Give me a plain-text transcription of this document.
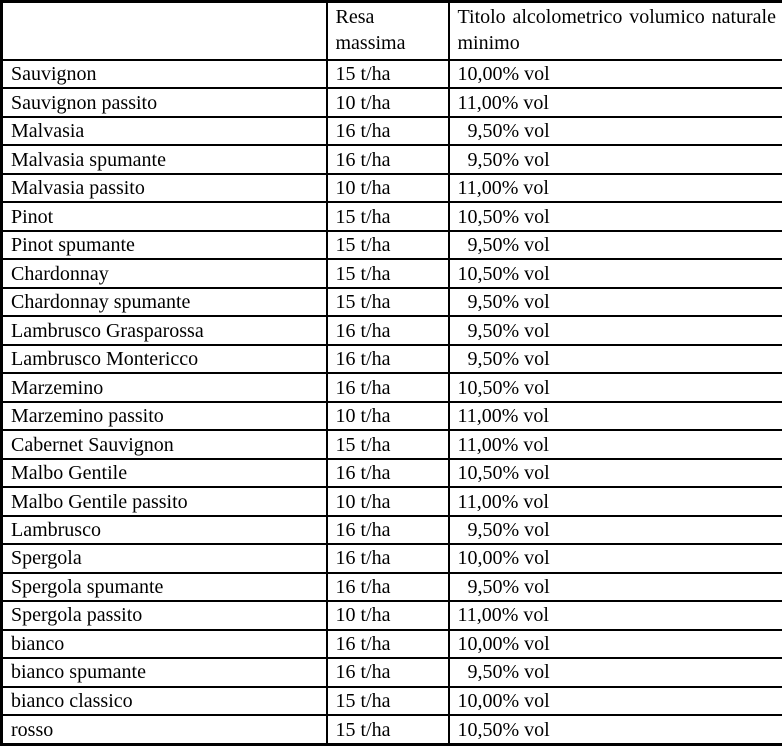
	Resa massima	Titolo alcolometrico volumico naturale minimo
Sauvignon	15 t/ha	10,00% vol
Sauvignon passito	10 t/ha	11,00% vol
Malvasia	16 t/ha	 9,50% vol
Malvasia spumante	16 t/ha	 9,50% vol
Malvasia passito	10 t/ha	11,00% vol
Pinot	15 t/ha	10,50% vol
Pinot spumante	15 t/ha	 9,50% vol
Chardonnay	15 t/ha	10,50% vol
Chardonnay spumante	15 t/ha	 9,50% vol
Lambrusco Grasparossa	16 t/ha	 9,50% vol
Lambrusco Montericco	16 t/ha	 9,50% vol
Marzemino	16 t/ha	10,50% vol
Marzemino passito	10 t/ha	11,00% vol
Cabernet Sauvignon	15 t/ha	11,00% vol
Malbo Gentile	16 t/ha	10,50% vol
Malbo Gentile passito	10 t/ha	11,00% vol
Lambrusco	16 t/ha	 9,50% vol
Spergola	16 t/ha	10,00% vol
Spergola spumante	16 t/ha	 9,50% vol
Spergola passito	10 t/ha	11,00% vol
bianco	16 t/ha	10,00% vol
bianco spumante	16 t/ha	 9,50% vol
bianco classico	15 t/ha	10,00% vol
rosso	15 t/ha	10,50% vol
